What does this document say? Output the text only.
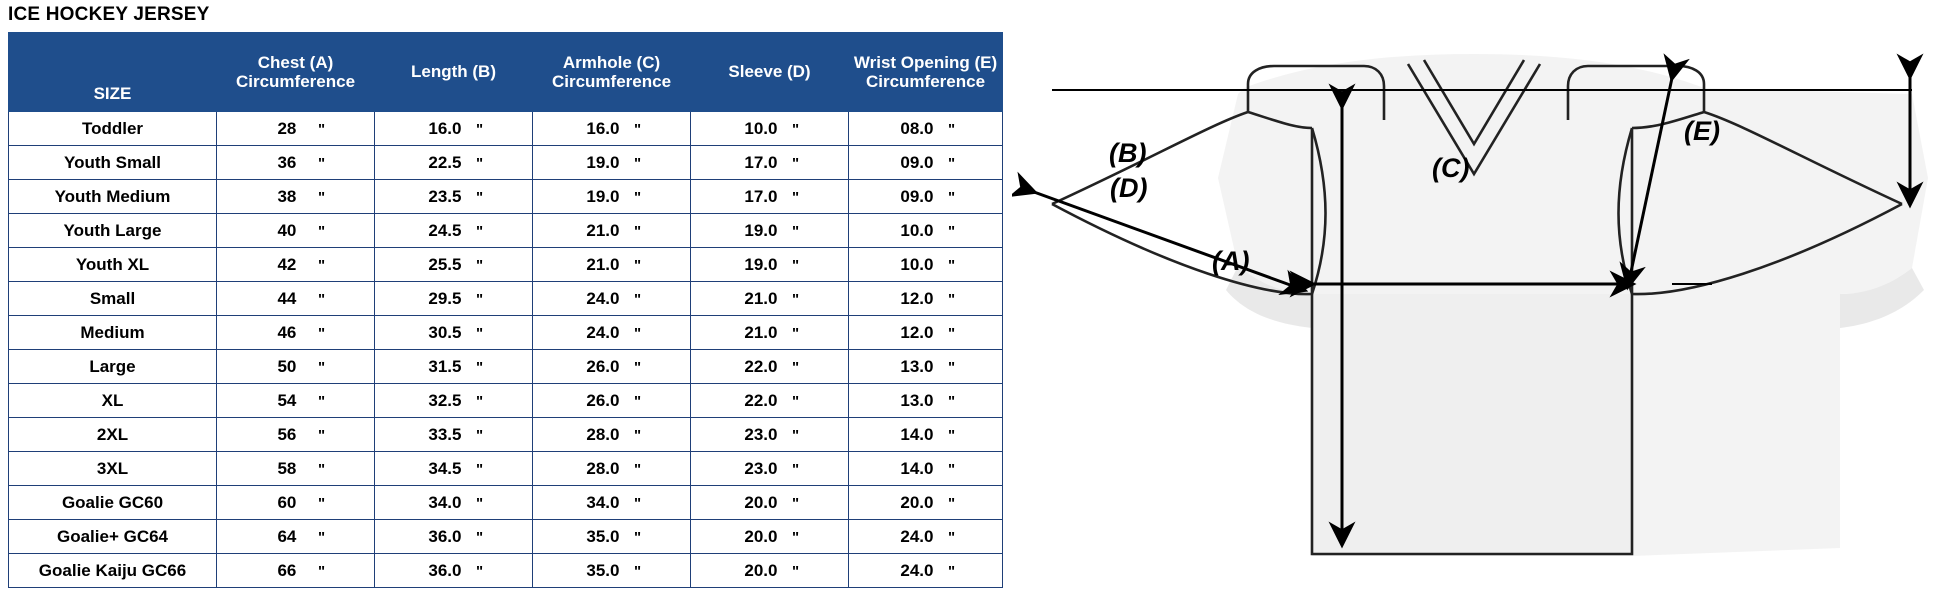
ICE HOCKEY JERSEY
SIZE	Chest (A) Circumference	Length (B)	Armhole (C) Circumference	Sleeve (D)	Wrist Opening (E) Circumference
Toddler	28 "	16.0 "	16.0 "	10.0 "	08.0 "

Youth Small	36 "	22.5 "	19.0 "	17.0 "	09.0 "

Youth Medium	38 "	23.5 "	19.0 "	17.0 "	09.0 "

Youth Large	40 "	24.5 "	21.0 "	19.0 "	10.0 "

Youth XL	42 "	25.5 "	21.0 "	19.0 "	10.0 "

Small	44 "	29.5 "	24.0 "	21.0 "	12.0 "

Medium	46 "	30.5 "	24.0 "	21.0 "	12.0 "

Large	50 "	31.5 "	26.0 "	22.0 "	13.0 "

XL	54 "	32.5 "	26.0 "	22.0 "	13.0 "

2XL	56 "	33.5 "	28.0 "	23.0 "	14.0 "

3XL	58 "	34.5 "	28.0 "	23.0 "	14.0 "

Goalie GC60	60 "	34.0 "	34.0 "	20.0 "	20.0 "

Goalie+ GC64	64 "	36.0 "	35.0 "	20.0 "	24.0 "

Goalie Kaiju GC66	66 "	36.0 "	35.0 "	20.0 "	24.0 "
(A)
(B)	(C)
(D)
(E)
